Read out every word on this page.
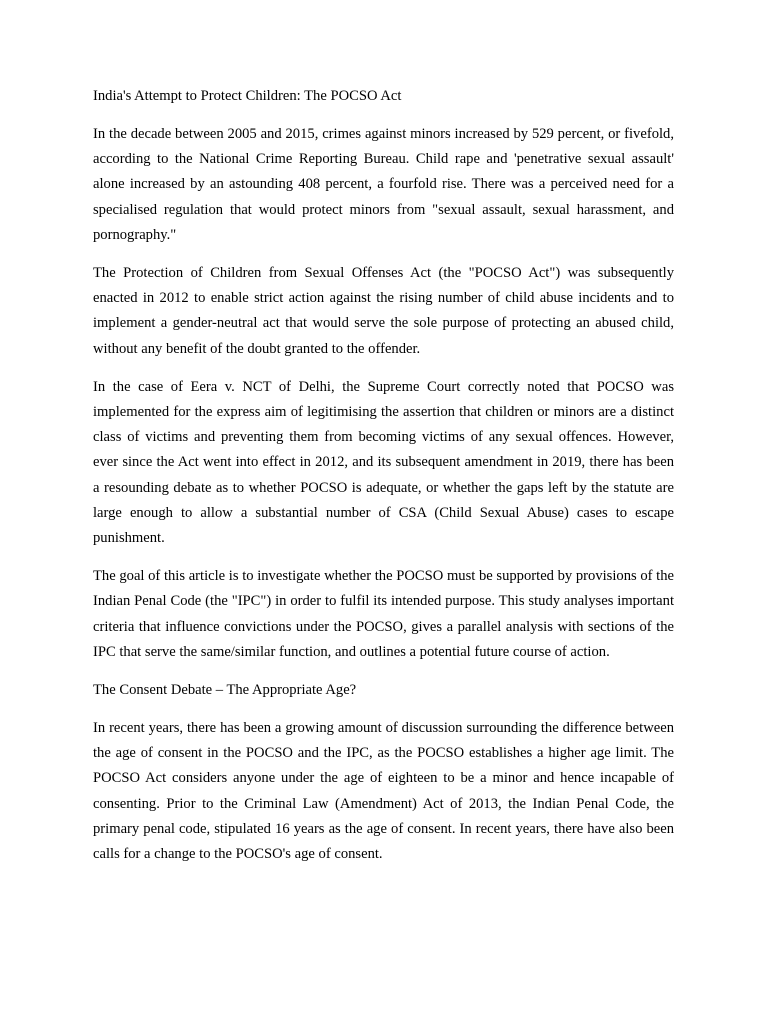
India's Attempt to Protect Children: The POCSO Act

In the decade between 2005 and 2015, crimes against minors increased by 529 percent, or fivefold, according to the National Crime Reporting Bureau. Child rape and 'penetrative sexual assault' alone increased by an astounding 408 percent, a fourfold rise. There was a perceived need for a specialised regulation that would protect minors from "sexual assault, sexual harassment, and pornography."

The Protection of Children from Sexual Offenses Act (the "POCSO Act") was subsequently enacted in 2012 to enable strict action against the rising number of child abuse incidents and to implement a gender-neutral act that would serve the sole purpose of protecting an abused child, without any benefit of the doubt granted to the offender.

In the case of Eera v. NCT of Delhi, the Supreme Court correctly noted that POCSO was implemented for the express aim of legitimising the assertion that children or minors are a distinct class of victims and preventing them from becoming victims of any sexual offences. However, ever since the Act went into effect in 2012, and its subsequent amendment in 2019, there has been a resounding debate as to whether POCSO is adequate, or whether the gaps left by the statute are large enough to allow a substantial number of CSA (Child Sexual Abuse) cases to escape punishment.

The goal of this article is to investigate whether the POCSO must be supported by provisions of the Indian Penal Code (the "IPC") in order to fulfil its intended purpose. This study analyses important criteria that influence convictions under the POCSO, gives a parallel analysis with sections of the IPC that serve the same/similar function, and outlines a potential future course of action.

The Consent Debate – The Appropriate Age?

In recent years, there has been a growing amount of discussion surrounding the difference between the age of consent in the POCSO and the IPC, as the POCSO establishes a higher age limit. The POCSO Act considers anyone under the age of eighteen to be a minor and hence incapable of consenting. Prior to the Criminal Law (Amendment) Act of 2013, the Indian Penal Code, the primary penal code, stipulated 16 years as the age of consent. In recent years, there have also been calls for a change to the POCSO's age of consent.
